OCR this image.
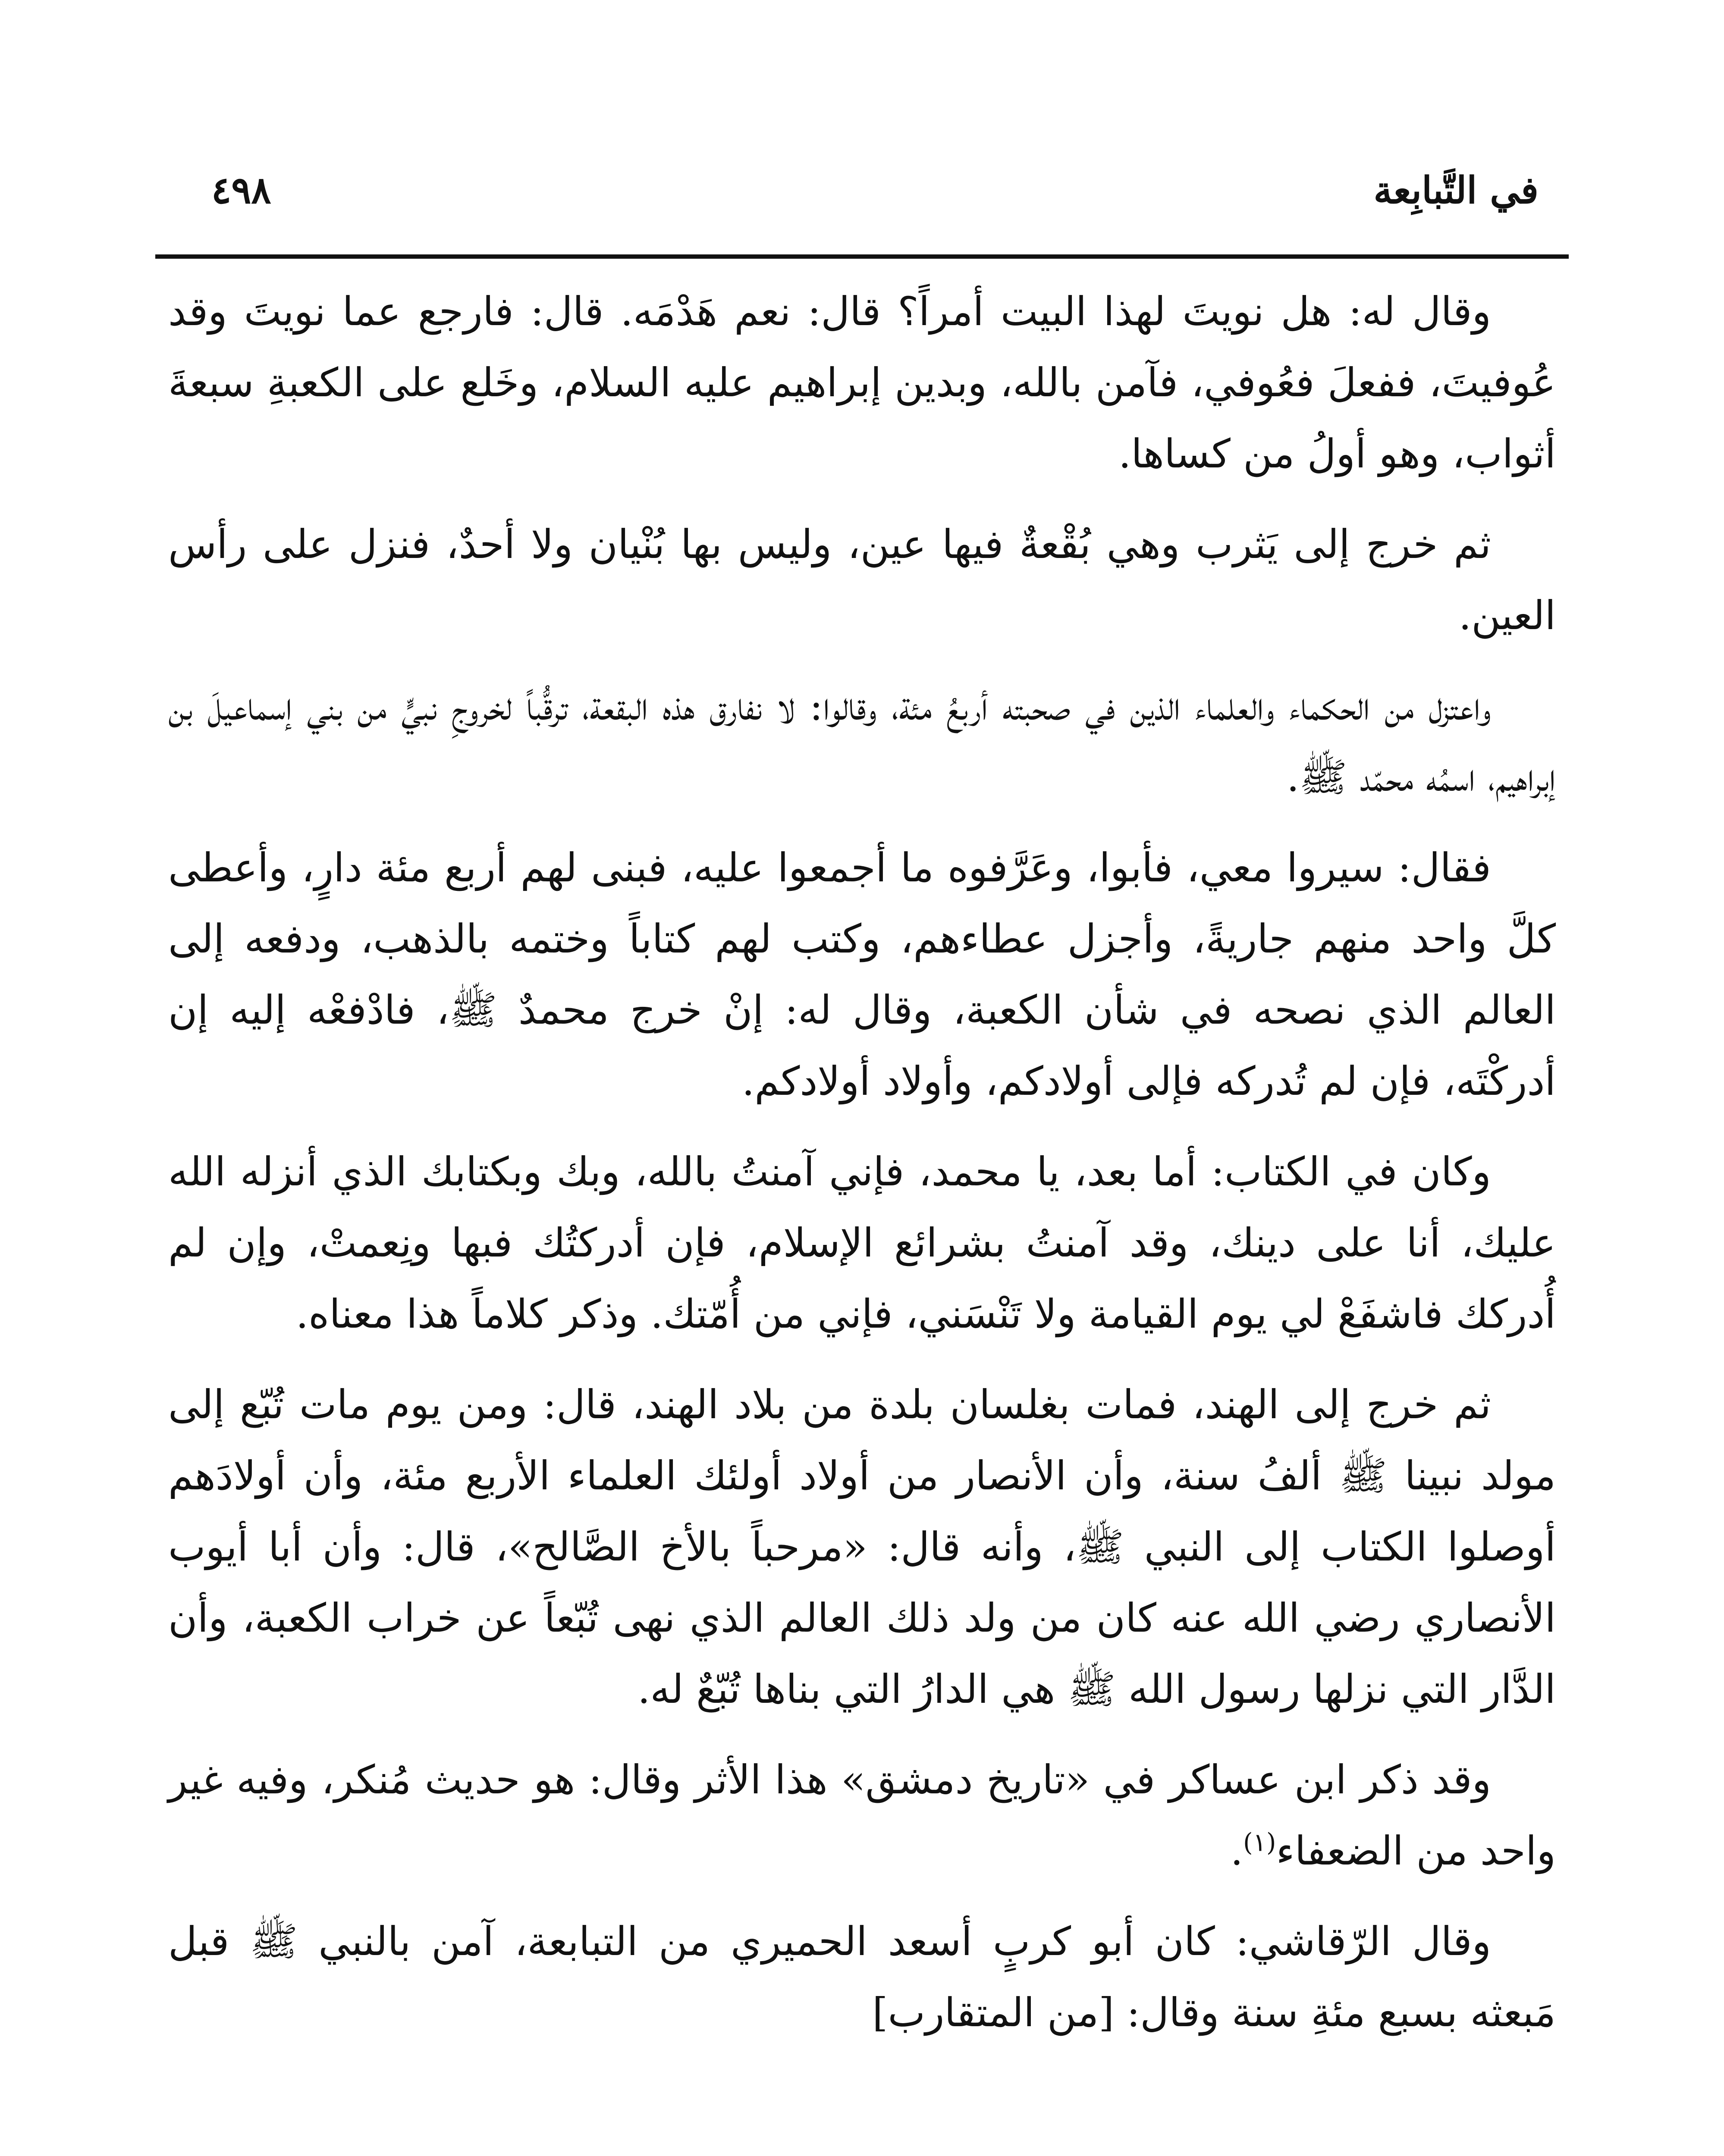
في التَّبابِعة
٤٩٨

وقال له: هل نويتَ لهذا البيت أمراً؟ قال: نعم هَدْمَه. قال: فارجع عما نويتَ وقد عُوفيتَ، ففعلَ فعُوفي، فآمن بالله، وبدين إبراهيم عليه السلام، وخَلع على الكعبةِ سبعةَ أثواب، وهو أولُ من كساها.

ثم خرج إلى يَثرب وهي بُقْعةٌ فيها عين، وليس بها بُنْيان ولا أحدٌ، فنزل على رأس العين.

واعتزل من الحكماء والعلماء الذين في صحبته أربعُ مئة، وقالوا: لا نفارق هذه البقعة، ترقُّباً لخروجِ نبيٍّ من بني إسماعيلَ بن إبراهيم، اسمُه محمّد ﷺ.

فقال: سيروا معي، فأبوا، وعَرَّفوه ما أجمعوا عليه، فبنى لهم أربع مئة دارٍ، وأعطى كلَّ واحد منهم جاريةً، وأجزل عطاءهم، وكتب لهم كتاباً وختمه بالذهب، ودفعه إلى العالم الذي نصحه في شأن الكعبة، وقال له: إنْ خرج محمدٌ ﷺ، فادْفعْه إليه إن أدركْتَه، فإن لم تُدركه فإلى أولادكم، وأولاد أولادكم.

وكان في الكتاب: أما بعد، يا محمد، فإني آمنتُ بالله، وبك وبكتابك الذي أنزله الله عليك، أنا على دينك، وقد آمنتُ بشرائع الإسلام، فإن أدركتُك فبها ونِعمتْ، وإن لم أُدركك فاشفَعْ لي يوم القيامة ولا تَنْسَني، فإني من أُمّتك. وذكر كلاماً هذا معناه.

ثم خرج إلى الهند، فمات بغلسان بلدة من بلاد الهند، قال: ومن يوم مات تُبّع إلى مولد نبينا ﷺ ألفُ سنة، وأن الأنصار من أولاد أولئك العلماء الأربع مئة، وأن أولادَهم أوصلوا الكتاب إلى النبي ﷺ، وأنه قال: «مرحباً بالأخ الصَّالح»، قال: وأن أبا أيوب الأنصاري رضي الله عنه كان من ولد ذلك العالم الذي نهى تُبّعاً عن خراب الكعبة، وأن الدَّار التي نزلها رسول الله ﷺ هي الدارُ التي بناها تُبّعٌ له.

وقد ذكر ابن عساكر في «تاريخ دمشق» هذا الأثر وقال: هو حديث مُنكر، وفيه غير واحد من الضعفاء$^{(١)}$.

وقال الرّقاشي: كان أبو كربٍ أسعد الحميري من التبابعة، آمن بالنبي ﷺ قبل مَبعثه بسبع مئةِ سنة وقال: [من المتقارب]
